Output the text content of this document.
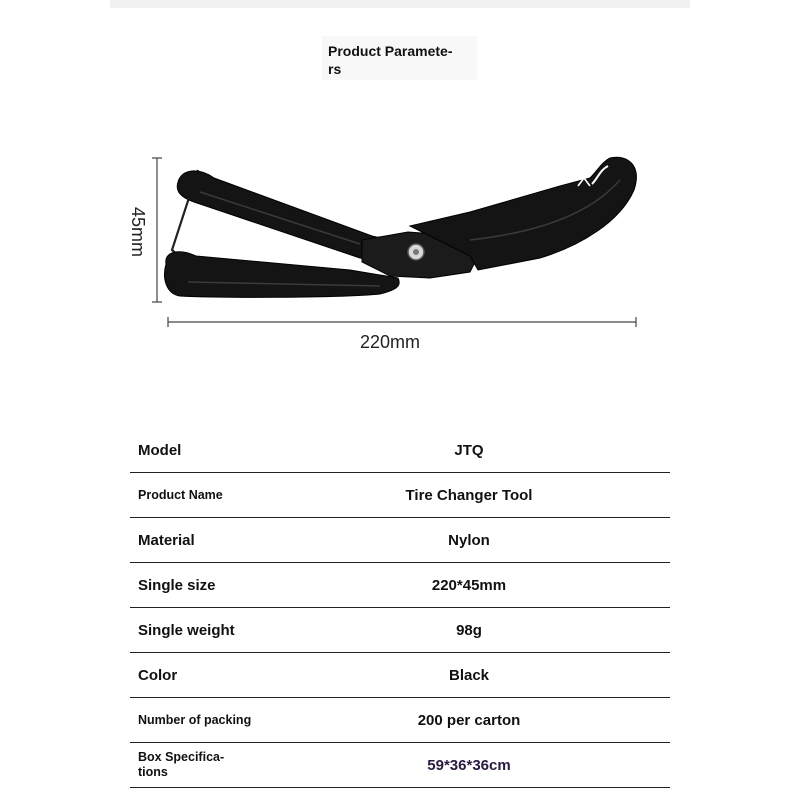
Product Paramete-
rs
45mm
220mm
Model	JTQ
Product Name	Tire Changer Tool
Material	Nylon
Single size	220*45mm
Single weight	98g
Color	Black
Number of packing	200 per carton
Box Specifica-
tions	59*36*36cm
